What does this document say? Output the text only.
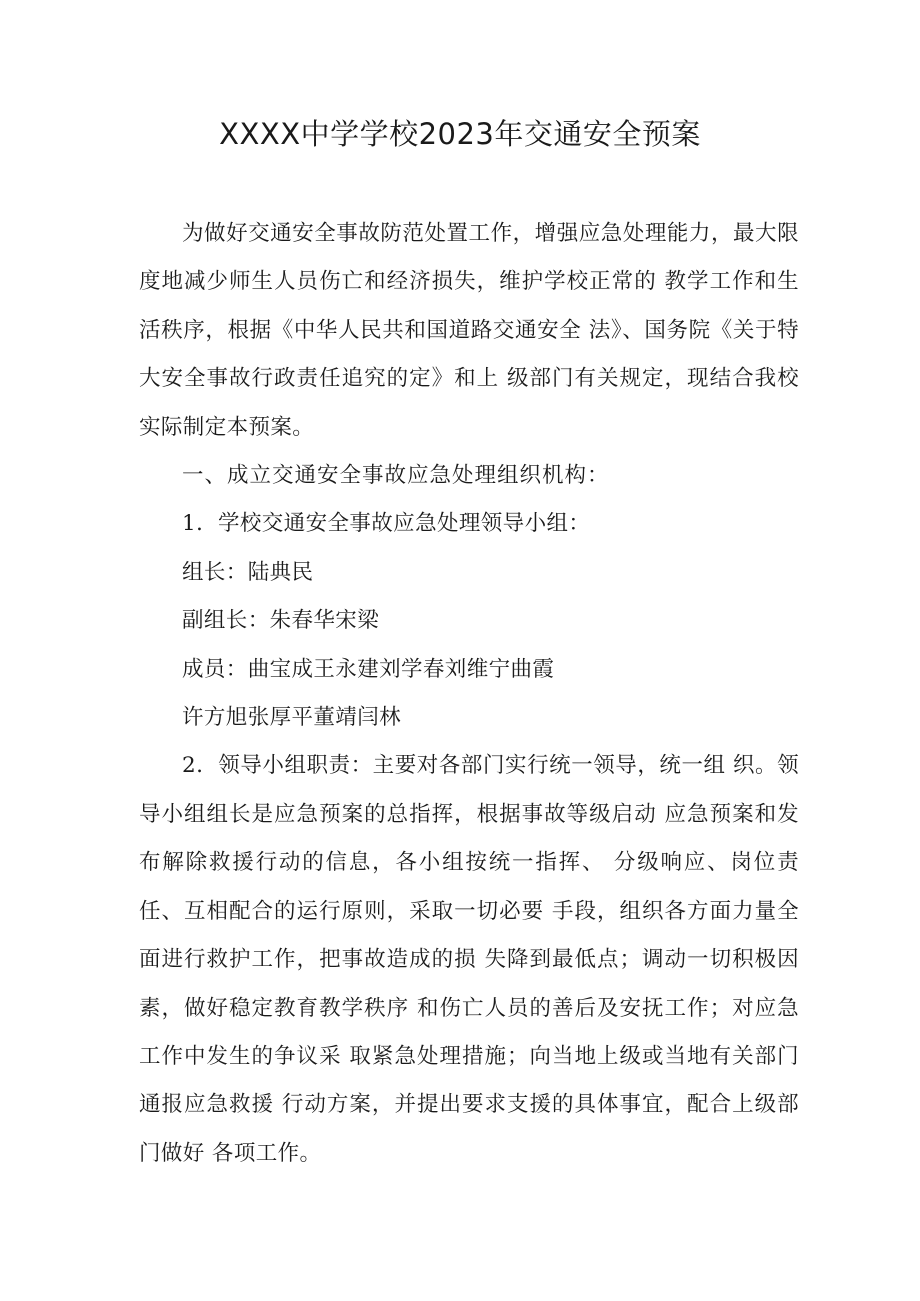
XXXX中学学校2023年交通安全预案

为做好交通安全事故防范处置工作，增强应急处理能力，最大限度地减少师生人员伤亡和经济损失，维护学校正常的 教学工作和生活秩序，根据《中华人民共和国道路交通安全 法》、国务院《关于特大安全事故行政责任追究的定》和上 级部门有关规定，现结合我校实际制定本预案。

一、成立交通安全事故应急处理组织机构：

1．学校交通安全事故应急处理领导小组：

组长：陆典民

副组长：朱春华宋梁

成员：曲宝成王永建刘学春刘维宁曲霞

许方旭张厚平董靖闫林

2．领导小组职责：主要对各部门实行统一领导，统一组 织。领导小组组长是应急预案的总指挥，根据事故等级启动 应急预案和发布解除救援行动的信息，各小组按统一指挥、 分级响应、岗位责任、互相配合的运行原则，采取一切必要 手段，组织各方面力量全面进行救护工作，把事故造成的损 失降到最低点；调动一切积极因素，做好稳定教育教学秩序 和伤亡人员的善后及安抚工作；对应急工作中发生的争议采 取紧急处理措施；向当地上级或当地有关部门通报应急救援 行动方案，并提出要求支援的具体事宜，配合上级部门做好 各项工作。
